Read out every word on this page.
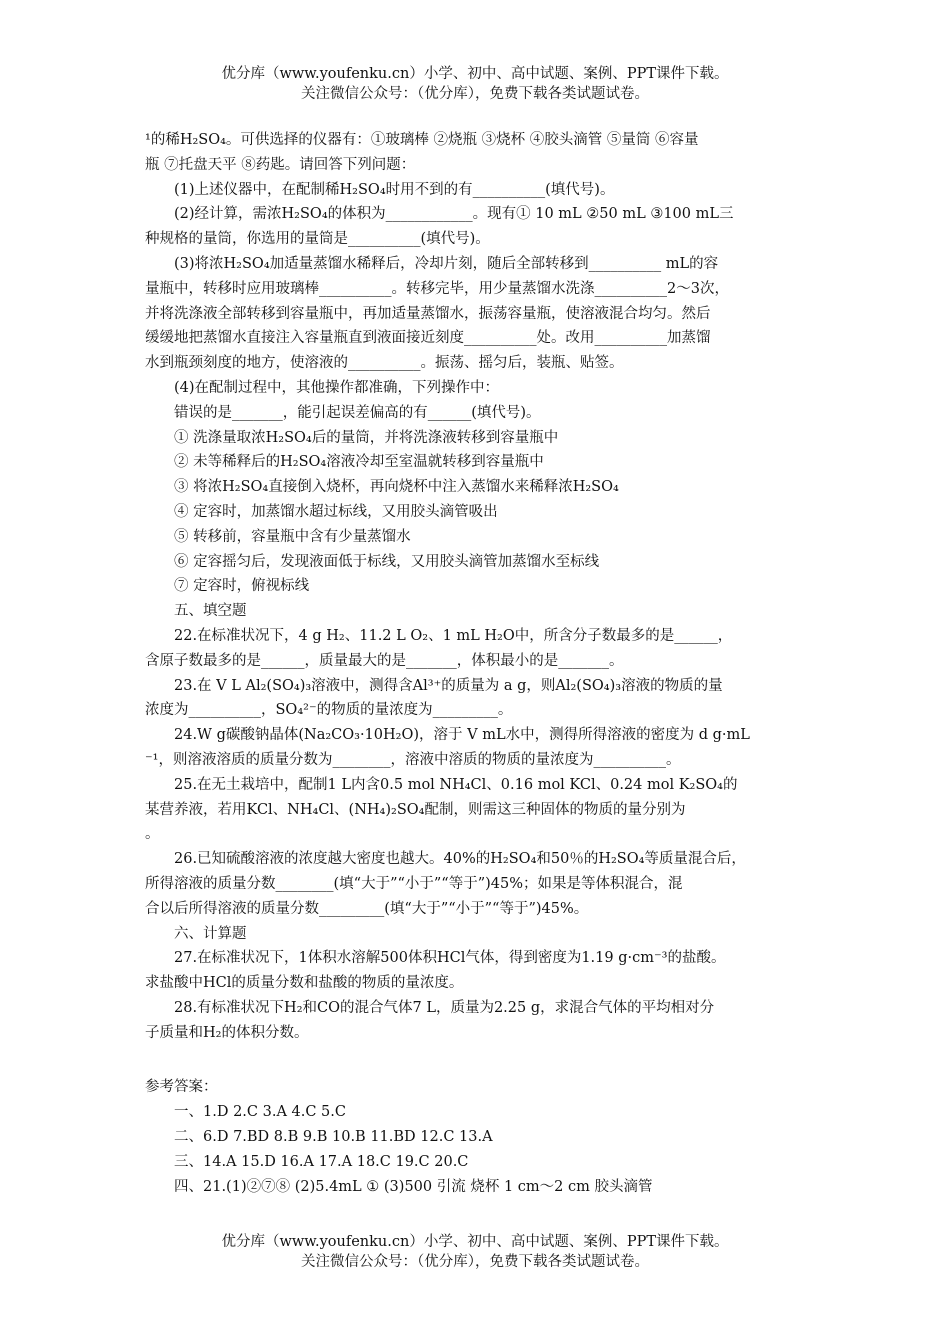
优分库（www.youfenku.cn）小学、初中、高中试题、案例、PPT课件下载。
关注微信公众号：（优分库），免费下载各类试题试卷。
¹的稀H₂SO₄。可供选择的仪器有：①玻璃棒 ②烧瓶 ③烧杯 ④胶头滴管 ⑤量筒 ⑥容量
瓶 ⑦托盘天平 ⑧药匙。请回答下列问题：
(1)上述仪器中，在配制稀H₂SO₄时用不到的有__________(填代号)。
(2)经计算，需浓H₂SO₄的体积为____________。现有① 10 mL ②50 mL ③100 mL三
种规格的量筒，你选用的量筒是__________(填代号)。
(3)将浓H₂SO₄加适量蒸馏水稀释后，冷却片刻，随后全部转移到__________ mL的容
量瓶中，转移时应用玻璃棒__________。转移完毕，用少量蒸馏水洗涤__________2～3次，
并将洗涤液全部转移到容量瓶中，再加适量蒸馏水，振荡容量瓶，使溶液混合均匀。然后
缓缓地把蒸馏水直接注入容量瓶直到液面接近刻度__________处。改用__________加蒸馏
水到瓶颈刻度的地方，使溶液的__________。振荡、摇匀后，装瓶、贴签。
(4)在配制过程中，其他操作都准确，下列操作中：
错误的是_______，能引起误差偏高的有______(填代号)。
① 洗涤量取浓H₂SO₄后的量筒，并将洗涤液转移到容量瓶中
② 未等稀释后的H₂SO₄溶液冷却至室温就转移到容量瓶中
③ 将浓H₂SO₄直接倒入烧杯，再向烧杯中注入蒸馏水来稀释浓H₂SO₄
④ 定容时，加蒸馏水超过标线，又用胶头滴管吸出
⑤ 转移前，容量瓶中含有少量蒸馏水
⑥ 定容摇匀后，发现液面低于标线，又用胶头滴管加蒸馏水至标线
⑦ 定容时，俯视标线
五、填空题
22.在标准状况下，4 g H₂、11.2 L O₂、1 mL H₂O中，所含分子数最多的是______，
含原子数最多的是______，质量最大的是_______，体积最小的是_______。
23.在 V L Al₂(SO₄)₃溶液中，测得含Al³⁺的质量为 a g，则Al₂(SO₄)₃溶液的物质的量
浓度为__________，SO₄²⁻的物质的量浓度为_________。
24.W g碳酸钠晶体(Na₂CO₃·10H₂O)，溶于 V mL水中，测得所得溶液的密度为 d g·mL
⁻¹，则溶液溶质的质量分数为________，溶液中溶质的物质的量浓度为__________。
25.在无土栽培中，配制1 L内含0.5 mol NH₄Cl、0.16 mol KCl、0.24 mol K₂SO₄的
某营养液，若用KCl、NH₄Cl、(NH₄)₂SO₄配制，则需这三种固体的物质的量分别为
。
26.已知硫酸溶液的浓度越大密度也越大。40%的H₂SO₄和50％的H₂SO₄等质量混合后，
所得溶液的质量分数________(填“大于”“小于”“等于”)45%；如果是等体积混合，混
合以后所得溶液的质量分数_________(填“大于”“小于”“等于”)45%。
六、计算题
27.在标准状况下，1体积水溶解500体积HCl气体，得到密度为1.19 g·cm⁻³的盐酸。
求盐酸中HCl的质量分数和盐酸的物质的量浓度。
28.有标准状况下H₂和CO的混合气体7 L，质量为2.25 g，求混合气体的平均相对分
子质量和H₂的体积分数。
参考答案：
一、1.D 2.C 3.A 4.C 5.C
二、6.D 7.BD 8.B 9.B 10.B 11.BD 12.C 13.A
三、14.A 15.D 16.A 17.A 18.C 19.C 20.C
四、21.(1)②⑦⑧ (2)5.4mL ① (3)500 引流 烧杯 1 cm～2 cm 胶头滴管
优分库（www.youfenku.cn）小学、初中、高中试题、案例、PPT课件下载。
关注微信公众号：（优分库），免费下载各类试题试卷。
